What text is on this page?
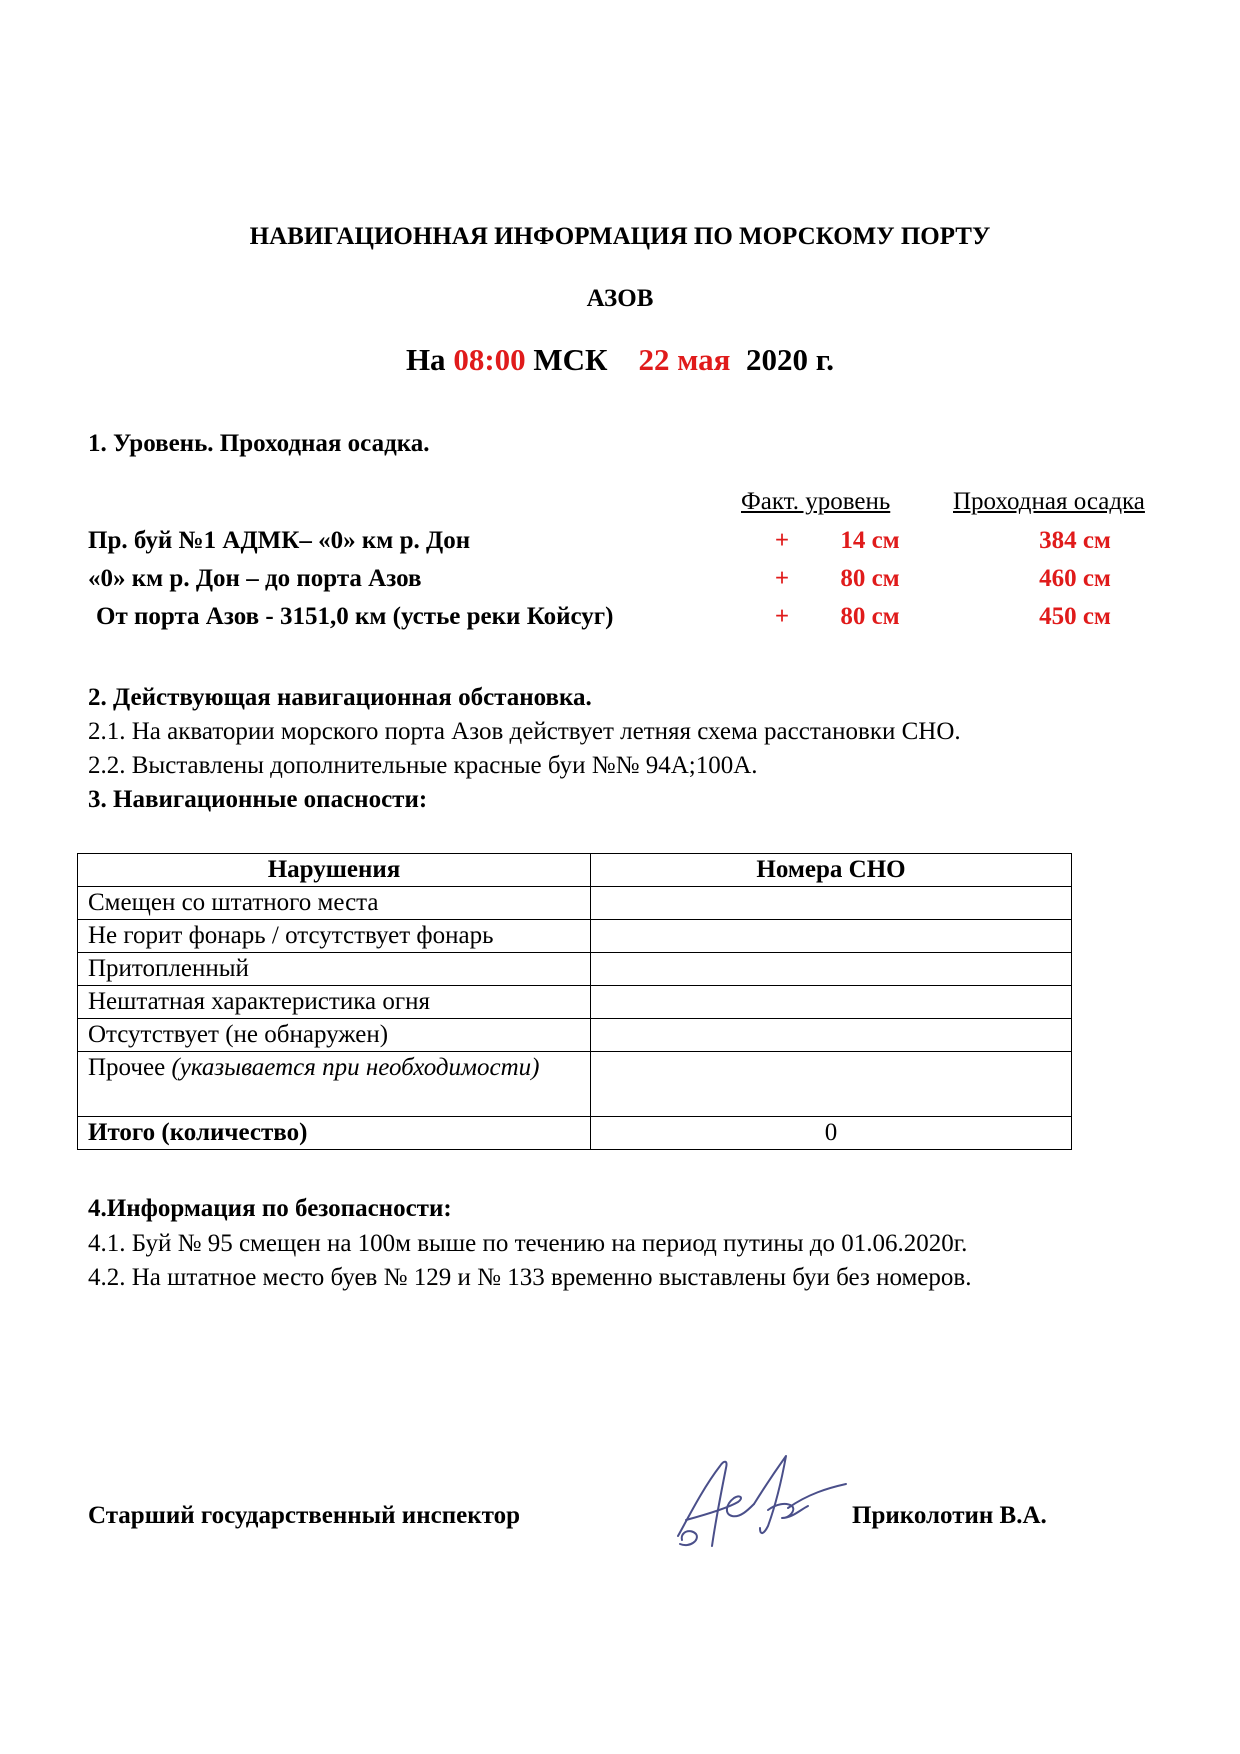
НАВИГАЦИОННАЯ ИНФОРМАЦИЯ ПО МОРСКОМУ ПОРТУ
АЗОВ
На 08:00 МСК    22 мая  2020 г.
1. Уровень. Проходная осадка.
Факт. уровень	Проходная осадка
Пр. буй №1 АДМК– «0» км р. Дон	+	14 см	384 см
«0» км р. Дон – до порта Азов	+	80 см	460 см
От порта Азов - 3151,0 км (устье реки Койсуг)	+	80 см	450 см
2. Действующая навигационная обстановка.
2.1. На акватории морского порта Азов действует летняя схема расстановки СНО.
2.2. Выставлены дополнительные красные буи №№ 94А;100А.
3. Навигационные опасности:
Нарушения	Номера СНО
Смещен со штатного места	
Не горит фонарь / отсутствует фонарь	
Притопленный	
Нештатная характеристика огня	
Отсутствует (не обнаружен)	
Прочее (указывается при необходимости)	
Итого (количество)	0
4.Информация по безопасности:
4.1. Буй № 95 смещен на 100м выше по течению на период путины до 01.06.2020г.
4.2. На штатное место буев № 129 и № 133 временно выставлены буи без номеров.
Старший государственный инспектор	Приколотин В.А.
